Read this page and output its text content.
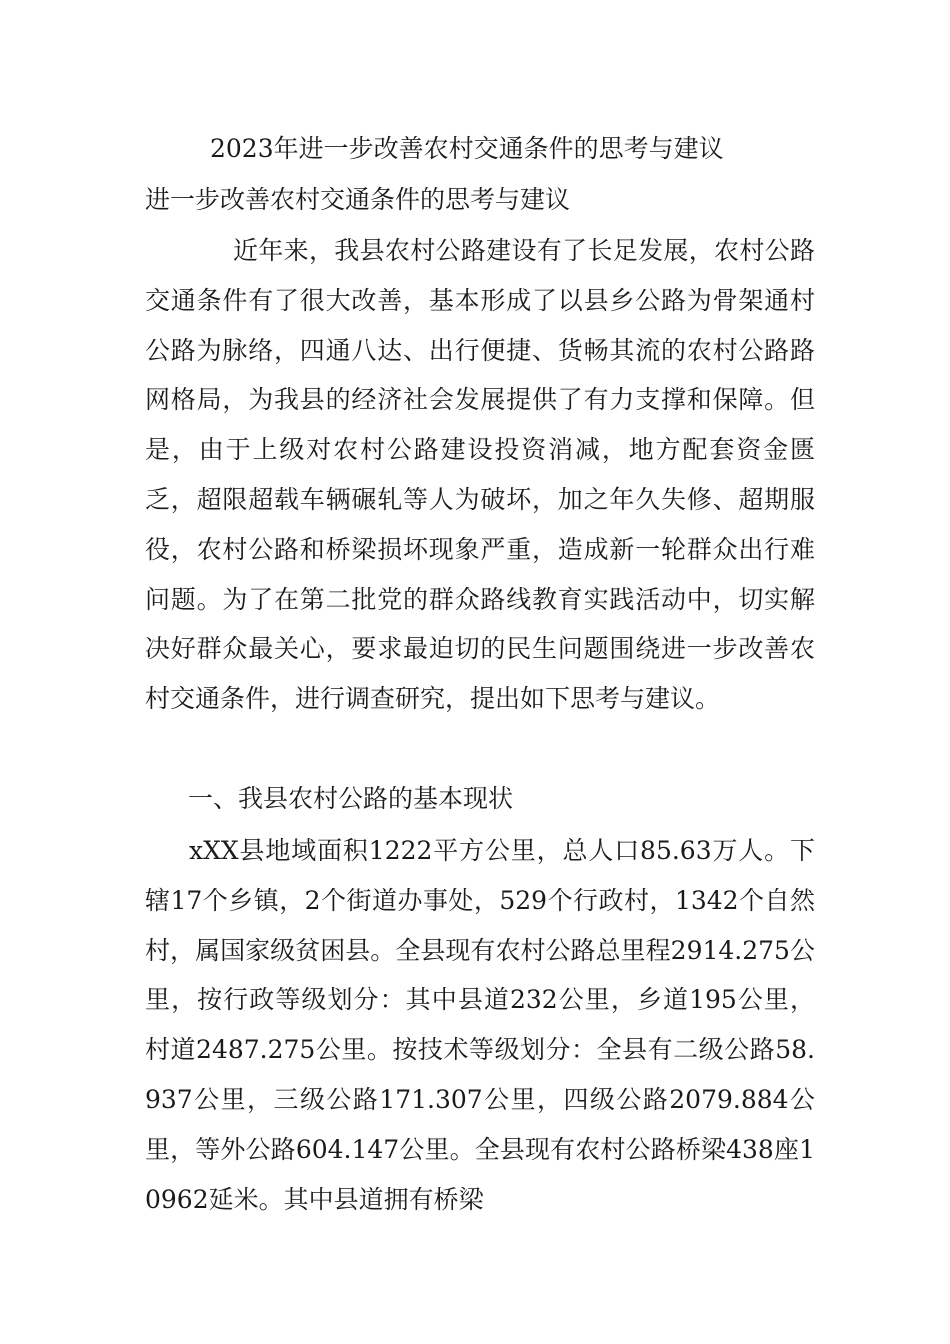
2023年进一步改善农村交通条件的思考与建议
进一步改善农村交通条件的思考与建议
近年来，我县农村公路建设有了长足发展，农村公路交通条件有了很大改善，基本形成了以县乡公路为骨架通村公路为脉络，四通八达、出行便捷、货畅其流的农村公路路网格局，为我县的经济社会发展提供了有力支撑和保障。但是，由于上级对农村公路建设投资消减，地方配套资金匮乏，超限超载车辆碾轧等人为破坏，加之年久失修、超期服役，农村公路和桥梁损坏现象严重，造成新一轮群众出行难问题。为了在第二批党的群众路线教育实践活动中，切实解决好群众最关心，要求最迫切的民生问题围绕进一步改善农村交通条件，进行调查研究，提出如下思考与建议。
一、我县农村公路的基本现状
xXX县地域面积1222平方公里，总人口85.63万人。下辖17个乡镇，2个街道办事处，529个行政村，1342个自然村，属国家级贫困县。全县现有农村公路总里程2914.275公里，按行政等级划分：其中县道232公里，乡道195公里，村道2487.275公里。按技术等级划分：全县有二级公路58.937公里，三级公路171.307公里，四级公路2079.884公里，等外公路604.147公里。全县现有农村公路桥梁438座10962延米。其中县道拥有桥梁
